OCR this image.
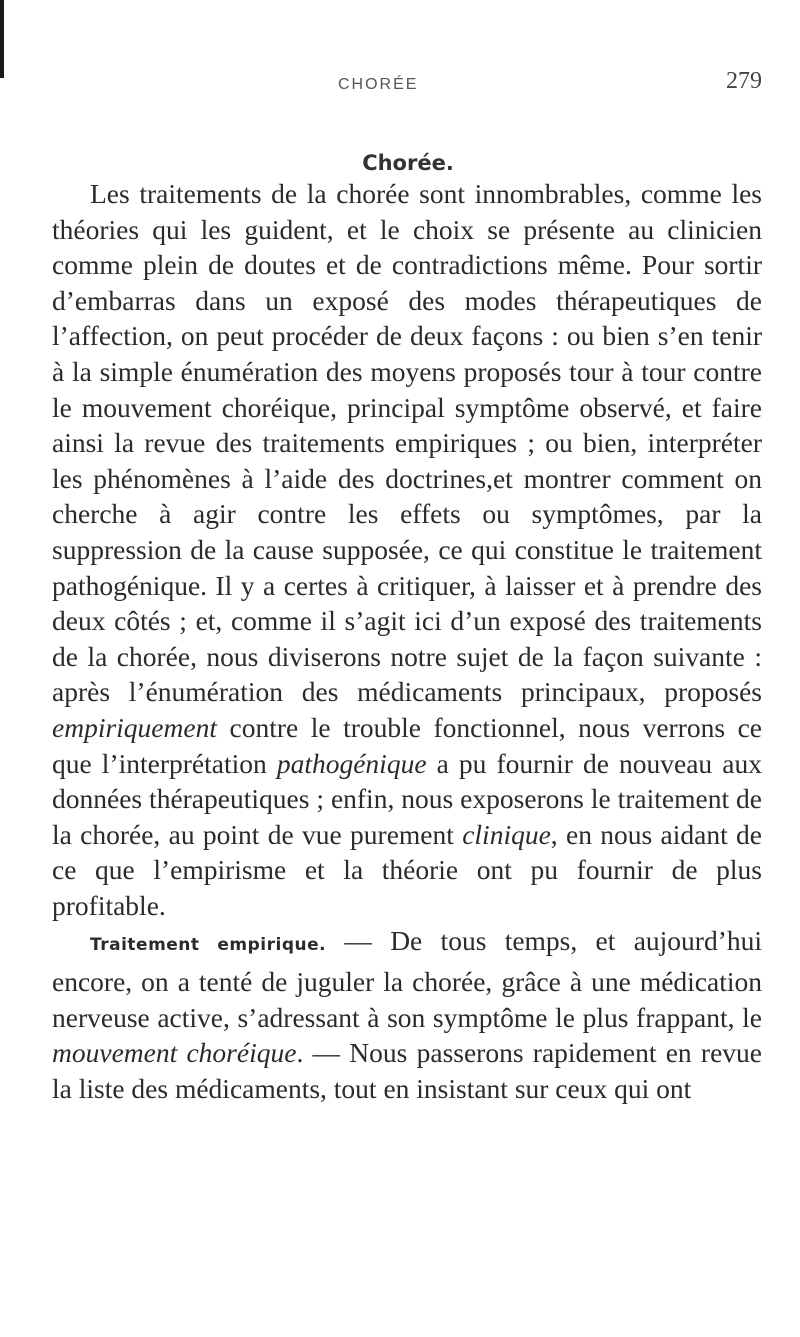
CHORÉE	279
Chorée.

Les traitements de la chorée sont innombrables, comme les théories qui les guident, et le choix se présente au clinicien comme plein de doutes et de contradictions même. Pour sortir d’embarras dans un exposé des modes thérapeutiques de l’affection, on peut procéder de deux façons : ou bien s’en tenir à la simple énumération des moyens proposés tour à tour contre le mouvement choréique, principal symptôme observé, et faire ainsi la revue des traitements empiriques ; ou bien, interpréter les phénomènes à l’aide des doctrines,et montrer comment on cherche à agir contre les effets ou symptômes, par la suppression de la cause supposée, ce qui constitue le traitement pathogénique. Il y a certes à critiquer, à laisser et à prendre des deux côtés ; et, comme il s’agit ici d’un exposé des traitements de la chorée, nous diviserons notre sujet de la façon suivante : après l’énumération des médicaments principaux, proposés empiriquement contre le trouble fonctionnel, nous verrons ce que l’interprétation pathogénique a pu fournir de nouveau aux données thérapeutiques ; enfin, nous exposerons le traitement de la chorée, au point de vue purement clinique, en nous aidant de ce que l’empirisme et la théorie ont pu fournir de plus profitable.

Traitement empirique. — De tous temps, et aujourd’hui encore, on a tenté de juguler la chorée, grâce à une médication nerveuse active, s’adressant à son symptôme le plus frappant, le mouvement choréique. — Nous passerons rapidement en revue la liste des médicaments, tout en insistant sur ceux qui ont
